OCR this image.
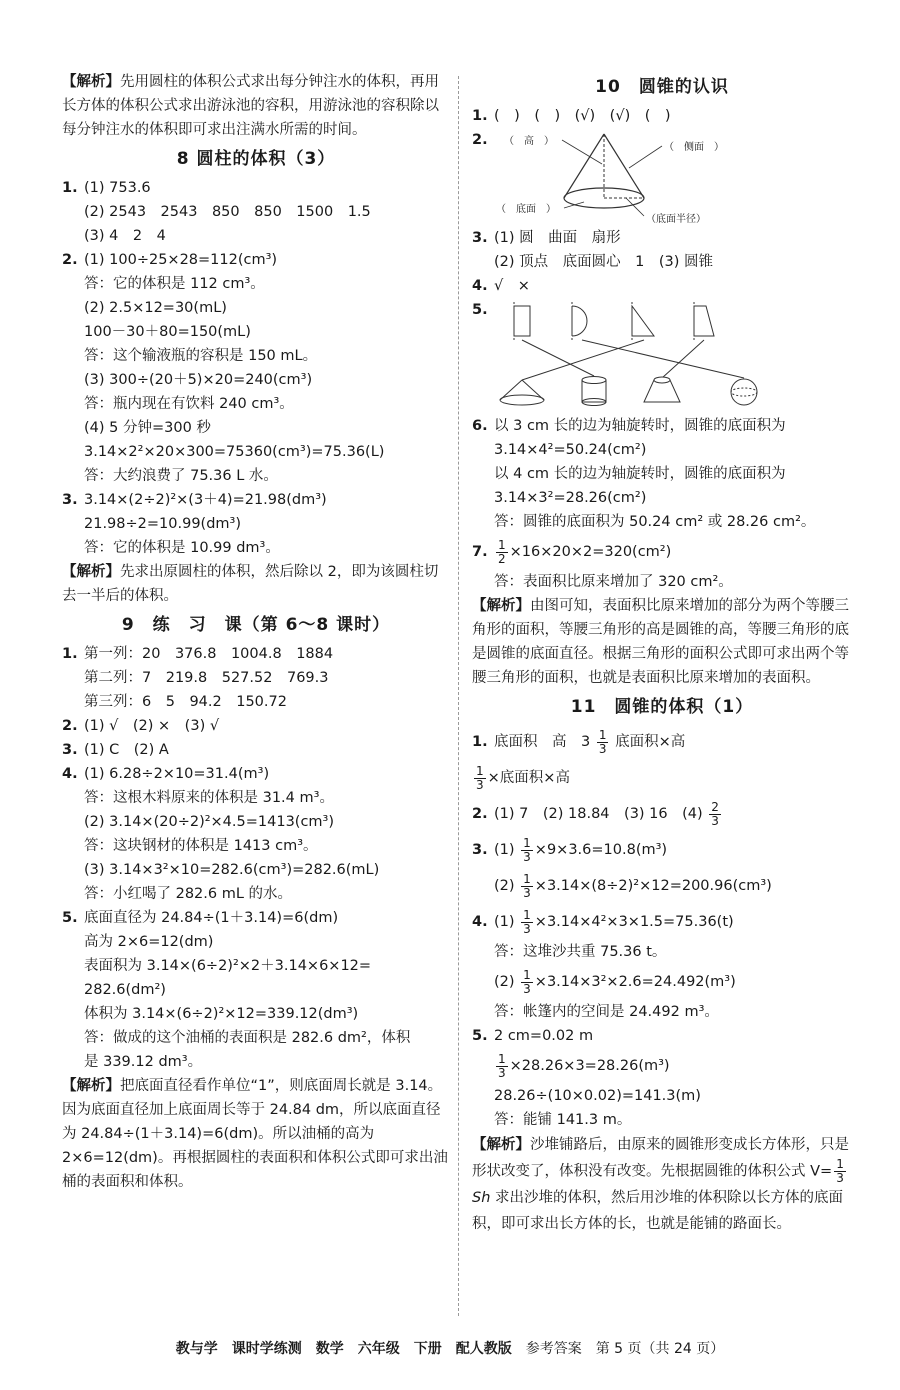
【解析】先用圆柱的体积公式求出每分钟注水的体积，再用长方体的体积公式求出游泳池的容积，用游泳池的容积除以每分钟注水的体积即可求出注满水所需的时间。
8 圆柱的体积（3）
1. (1) 753.6
(2) 2543　2543　850　850　1500　1.5
(3) 4　2　4
2. (1) 100÷25×28=112(cm³)
答：它的体积是 112 cm³。
(2) 2.5×12=30(mL)
100－30＋80=150(mL)
答：这个输液瓶的容积是 150 mL。
(3) 300÷(20＋5)×20=240(cm³)
答：瓶内现在有饮料 240 cm³。
(4) 5 分钟=300 秒
3.14×2²×20×300=75360(cm³)=75.36(L)
答：大约浪费了 75.36 L 水。
3. 3.14×(2÷2)²×(3＋4)=21.98(dm³)
21.98÷2=10.99(dm³)
答：它的体积是 10.99 dm³。
【解析】先求出原圆柱的体积，然后除以 2，即为该圆柱切去一半后的体积。
9　练　习　课（第 6～8 课时）
1. 第一列：20　376.8　1004.8　1884
第二列：7　219.8　527.52　769.3
第三列：6　5　94.2　150.72
2. (1) √　(2) ×　(3) √
3. (1) C　(2) A
4. (1) 6.28÷2×10=31.4(m³)
答：这根木料原来的体积是 31.4 m³。
(2) 3.14×(20÷2)²×4.5=1413(cm³)
答：这块钢材的体积是 1413 cm³。
(3) 3.14×3²×10=282.6(cm³)=282.6(mL)
答：小红喝了 282.6 mL 的水。
5. 底面直径为 24.84÷(1＋3.14)=6(dm)
高为 2×6=12(dm)
表面积为 3.14×(6÷2)²×2＋3.14×6×12=
282.6(dm²)
体积为 3.14×(6÷2)²×12=339.12(dm³)
答：做成的这个油桶的表面积是 282.6 dm²，体积
是 339.12 dm³。
【解析】把底面直径看作单位“1”，则底面周长就是 3.14。因为底面直径加上底面周长等于 24.84 dm，所以底面直径为 24.84÷(1＋3.14)=6(dm)。所以油桶的高为 2×6=12(dm)。再根据圆柱的表面积和体积公式即可求出油桶的表面积和体积。
10　圆锥的认识
1. (　)　(　)　(√)　(√)　(　)
2.	（　高　）
（　侧面　）
（　底面　）
（底面半径）
3. (1) 圆　曲面　扇形
(2) 顶点　底面圆心　1　(3) 圆锥
4. √　×
5.
6. 以 3 cm 长的边为轴旋转时，圆锥的底面积为
3.14×4²=50.24(cm²)
以 4 cm 长的边为轴旋转时，圆锥的底面积为
3.14×3²=28.26(cm²)
答：圆锥的底面积为 50.24 cm² 或 28.26 cm²。
7. $\frac{1}{2} \times 16\times 20\times 2=320(cm^2)$
答：表面积比原来增加了 320 cm²。
【解析】由图可知，表面积比原来增加的部分为两个等腰三角形的面积，等腰三角形的高是圆锥的高，等腰三角形的底是圆锥的底面直径。根据三角形的面积公式即可求出两个等腰三角形的面积，也就是表面积比原来增加的表面积。
11　圆锥的体积（1）
1. 底面积　高　$3 \frac{1}{3}$ 底面积×高
$\frac{1}{3}$ ×底面积×高
2. (1) 7　(2) 18.84　(3) 16　$(4) \frac{2}{3}$
3. $(1) \frac{1}{3} \times 9\times 3.6=10.8(m^3)$
$(2) \frac{1}{3} \times 3.14\times(8\div 2)^2\times 12=200.96(cm^3)$
4. $(1) \frac{1}{3} \times 3.14\times 4^2\times 3\times 1.5=75.36(t)$
答：这堆沙共重 75.36 t。
$(2) \frac{1}{3} \times 3.14\times 3^2\times 2.6=24.492(m^3)$
答：帐篷内的空间是 24.492 m³。
5. 2 cm=0.02 m
$\frac{1}{3} \times 28.26\times 3=28.26(m^3)$
28.26÷(10×0.02)=141.3(m)
答：能铺 141.3 m。
【解析】沙堆铺路后，由原来的圆锥形变成长方体形，只是形状改变了，体积没有改变。先根据圆锥的体积公式 $V= \frac{1}{3}$
Sh 求出沙堆的体积，然后用沙堆的体积除以长方体的底面积，即可求出长方体的长，也就是能铺的路面长。
教与学　课时学练测　数学　六年级　下册　配人教版　 参考答案　第 5 页（共 24 页）
